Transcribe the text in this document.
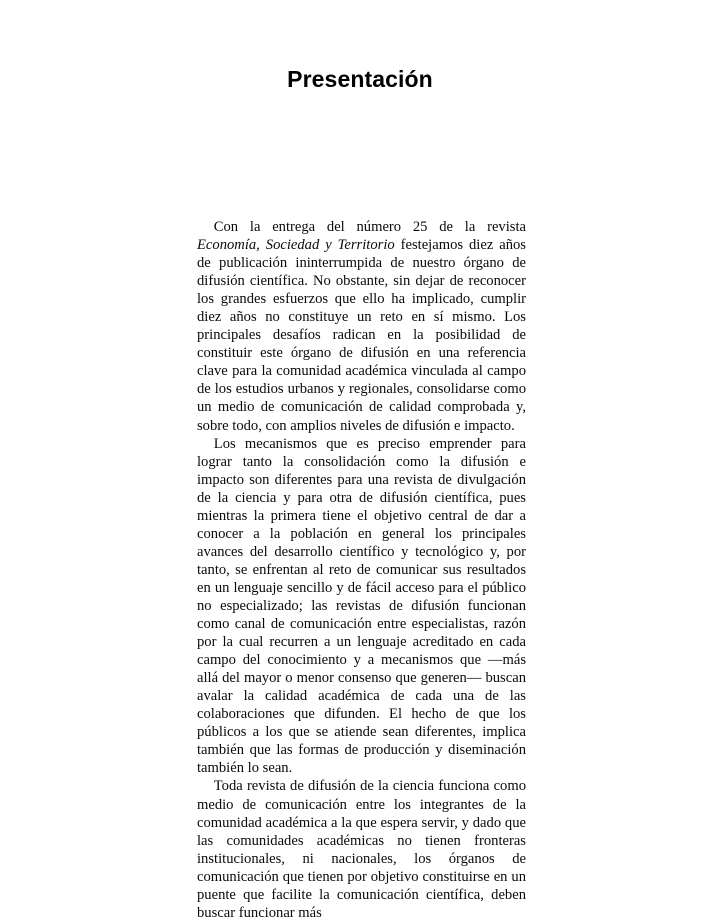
Presentación

Con la entrega del número 25 de la revista Economía, Sociedad y Territorio festejamos diez años de publicación ininterrumpida de nuestro órgano de difusión científica. No obstante, sin dejar de reconocer los grandes esfuerzos que ello ha implicado, cumplir diez años no constituye un reto en sí mismo. Los principales desafíos radican en la posibilidad de constituir este órgano de difusión en una referencia clave para la comunidad académica vinculada al campo de los estudios urbanos y regionales, consolidarse como un medio de comunicación de calidad comprobada y, sobre todo, con amplios niveles de difusión e impacto.

Los mecanismos que es preciso emprender para lograr tanto la consolidación como la difusión e impacto son diferentes para una revista de divulgación de la ciencia y para otra de difusión científica, pues mientras la primera tiene el objetivo central de dar a conocer a la población en general los principales avances del desarrollo científico y tecnológico y, por tanto, se enfrentan al reto de comunicar sus resultados en un lenguaje sencillo y de fácil acceso para el público no especializado; las revistas de difusión funcionan como canal de comunicación entre especialistas, razón por la cual recurren a un lenguaje acreditado en cada campo del conocimiento y a mecanismos que —más allá del mayor o menor consenso que generen— buscan avalar la calidad académica de cada una de las colaboraciones que difunden. El hecho de que los públicos a los que se atiende sean diferentes, implica también que las formas de producción y diseminación también lo sean.

Toda revista de difusión de la ciencia funciona como medio de comunicación entre los integrantes de la comunidad académica a la que espera servir, y dado que las comunidades académicas no tienen fronteras institucionales, ni nacionales, los órganos de comunicación que tienen por objetivo constituirse en un puente que facilite la comunicación científica, deben buscar funcionar más
